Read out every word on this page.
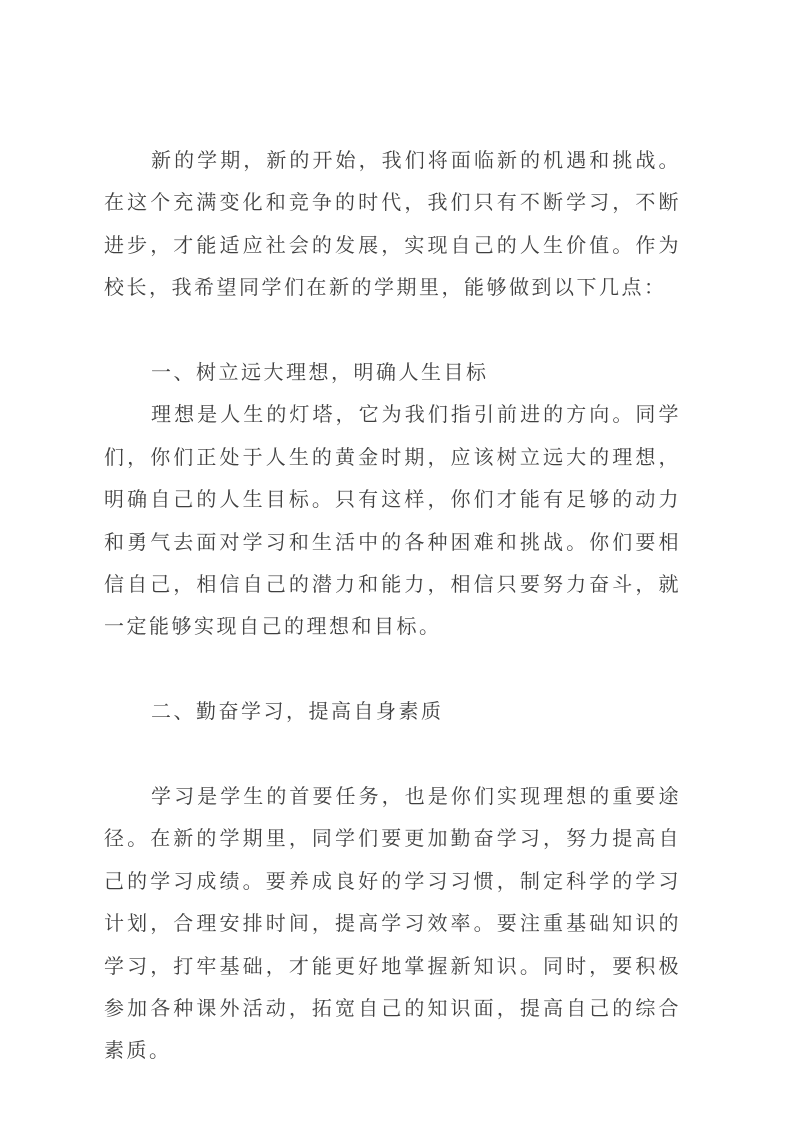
新的学期，新的开始，我们将面临新的机遇和挑战。在这个充满变化和竞争的时代，我们只有不断学习，不断进步，才能适应社会的发展，实现自己的人生价值。作为校长，我希望同学们在新的学期里，能够做到以下几点：

一、树立远大理想，明确人生目标

理想是人生的灯塔，它为我们指引前进的方向。同学们，你们正处于人生的黄金时期，应该树立远大的理想，明确自己的人生目标。只有这样，你们才能有足够的动力和勇气去面对学习和生活中的各种困难和挑战。你们要相信自己，相信自己的潜力和能力，相信只要努力奋斗，就一定能够实现自己的理想和目标。

二、勤奋学习，提高自身素质

学习是学生的首要任务，也是你们实现理想的重要途径。在新的学期里，同学们要更加勤奋学习，努力提高自己的学习成绩。要养成良好的学习习惯，制定科学的学习计划，合理安排时间，提高学习效率。要注重基础知识的学习，打牢基础，才能更好地掌握新知识。同时，要积极参加各种课外活动，拓宽自己的知识面，提高自己的综合素质。
